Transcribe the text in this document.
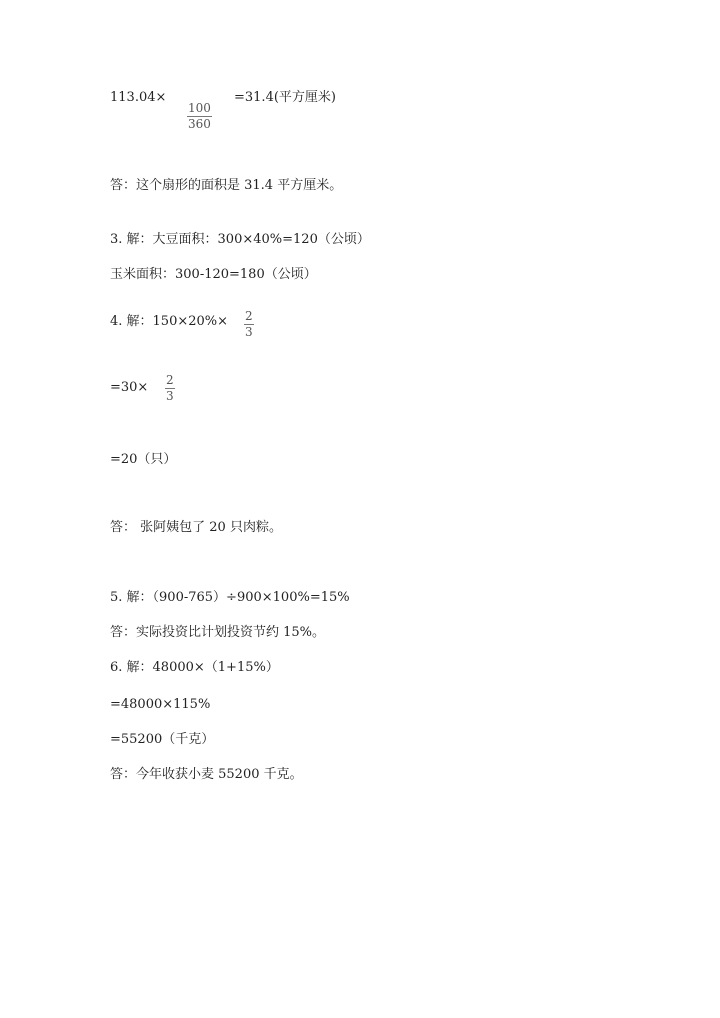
113.04×
100
360
=31.4(平方厘米)
答：这个扇形的面积是 31.4 平方厘米。
3. 解：大豆面积：300×40%=120（公顷）
玉米面积：300-120=180（公顷）
4. 解：150×20%× 2
3
=30× 2
3
=20（只）
答： 张阿姨包了 20 只肉粽。
5. 解：（900-765）÷900×100%=15%
答：实际投资比计划投资节约 15%。
6. 解：48000×（1+15%）
=48000×115%
=55200（千克）
答：今年收获小麦 55200 千克。
